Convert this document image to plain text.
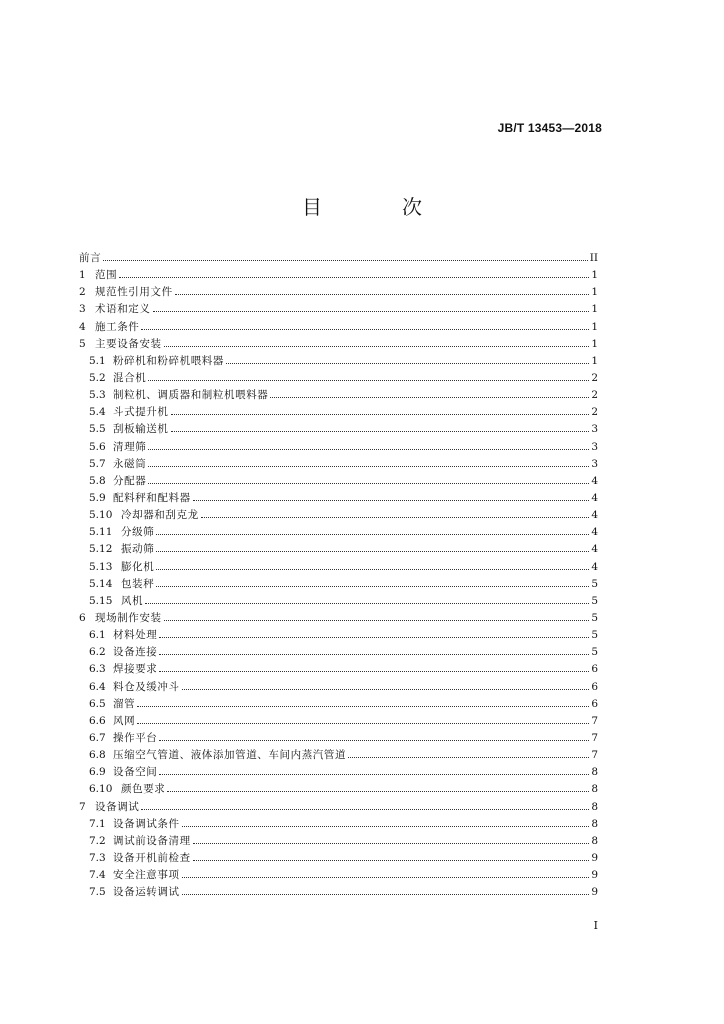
JB/T 13453—2018
目　次
前言	II
1 范围	1
2 规范性引用文件	1
3 术语和定义	1
4 施工条件	1
5 主要设备安装	1
5.1 粉碎机和粉碎机喂料器	1
5.2 混合机	2
5.3 制粒机、调质器和制粒机喂料器	2
5.4 斗式提升机	2
5.5 刮板输送机	3
5.6 清理筛	3
5.7 永磁筒	3
5.8 分配器	4
5.9 配料秤和配料器	4
5.10 冷却器和刮克龙	4
5.11 分级筛	4
5.12 振动筛	4
5.13 膨化机	4
5.14 包装秤	5
5.15 风机	5
6 现场制作安装	5
6.1 材料处理	5
6.2 设备连接	5
6.3 焊接要求	6
6.4 料仓及缓冲斗	6
6.5 溜管	6
6.6 风网	7
6.7 操作平台	7
6.8 压缩空气管道、液体添加管道、车间内蒸汽管道	7
6.9 设备空间	8
6.10 颜色要求	8
7 设备调试	8
7.1 设备调试条件	8
7.2 调试前设备清理	8
7.3 设备开机前检查	9
7.4 安全注意事项	9
7.5 设备运转调试	9
I
